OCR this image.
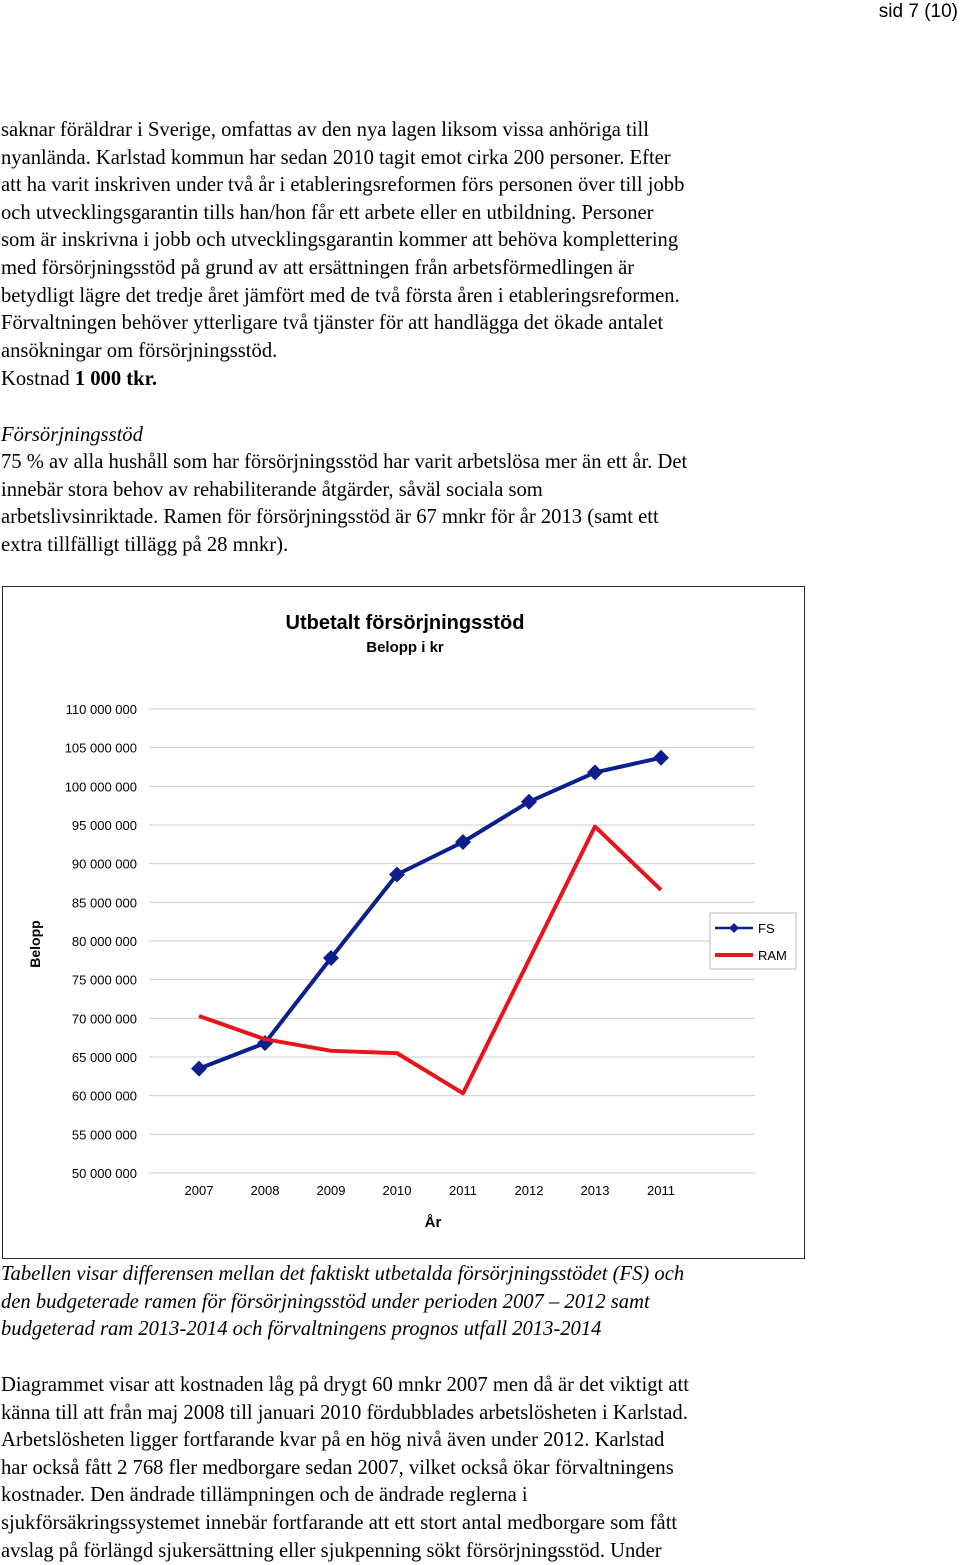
sid 7 (10)

saknar föräldrar i Sverige, omfattas av den nya lagen liksom vissa anhöriga till
nyanlända. Karlstad kommun har sedan 2010 tagit emot cirka 200 personer. Efter
att ha varit inskriven under två år i etableringsreformen förs personen över till jobb
och utvecklingsgarantin tills han/hon får ett arbete eller en utbildning. Personer
som är inskrivna i jobb och utvecklingsgarantin kommer att behöva komplettering
med försörjningsstöd på grund av att ersättningen från arbetsförmedlingen är
betydligt lägre det tredje året jämfört med de två första åren i etableringsreformen.
Förvaltningen behöver ytterligare två tjänster för att handlägga det ökade antalet
ansökningar om försörjningsstöd.

Kostnad 1 000 tkr.

Försörjningsstöd

75 % av alla hushåll som har försörjningsstöd har varit arbetslösa mer än ett år. Det
innebär stora behov av rehabiliterande åtgärder, såväl sociala som
arbetslivsinriktade. Ramen för försörjningsstöd är 67 mnkr för år 2013 (samt ett
extra tillfälligt tillägg på 28 mnkr).

Utbetalt försörjningsstöd
Belopp i kr
50 000 000
55 000 000
60 000 000
65 000 000
70 000 000
75 000 000
80 000 000
85 000 000
90 000 000
95 000 000
100 000 000
105 000 000
110 000 000
2007	2008	2009	2010	2011	2012	2013	2011
Belopp
År
FS
RAM

Tabellen visar differensen mellan det faktiskt utbetalda försörjningsstödet (FS) och
den budgeterade ramen för försörjningsstöd under perioden 2007 – 2012 samt
budgeterad ram 2013-2014 och förvaltningens prognos utfall 2013-2014

Diagrammet visar att kostnaden låg på drygt 60 mnkr 2007 men då är det viktigt att
känna till att från maj 2008 till januari 2010 fördubblades arbetslösheten i Karlstad.
Arbetslösheten ligger fortfarande kvar på en hög nivå även under 2012. Karlstad
har också fått 2 768 fler medborgare sedan 2007, vilket också ökar förvaltningens
kostnader. Den ändrade tillämpningen och de ändrade reglerna i
sjukförsäkringssystemet innebär fortfarande att ett stort antal medborgare som fått
avslag på förlängd sjukersättning eller sjukpenning sökt försörjningsstöd. Under
